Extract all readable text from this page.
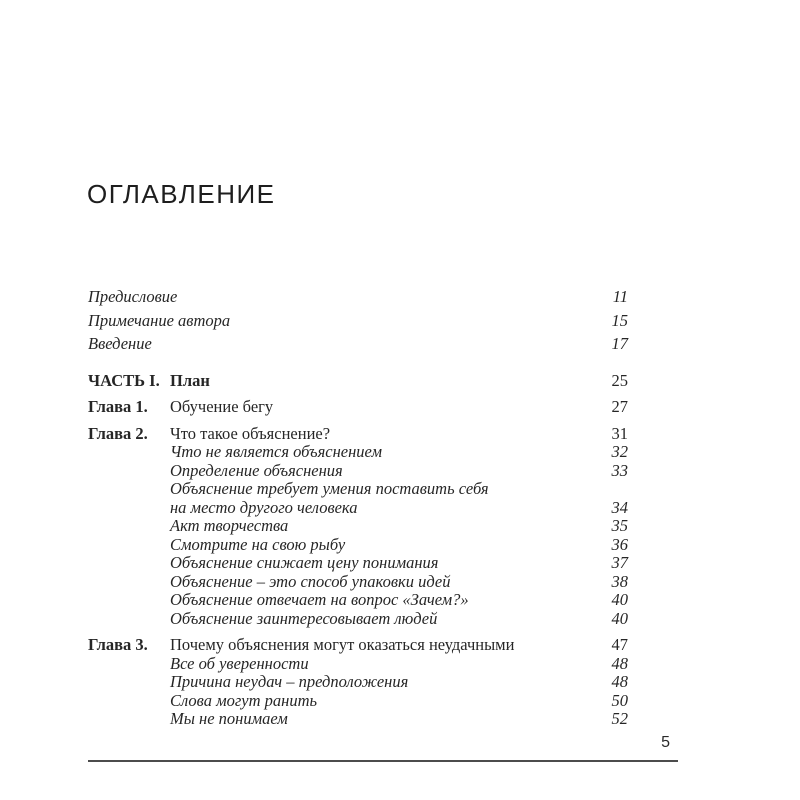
ОГЛАВЛЕНИЕ
Предисловие	11
Примечание автора	15
Введение	17
ЧАСТЬ I. План	25
Глава 1.	Обучение бегу	27
Глава 2.	Что такое объяснение?	31
Что не является объяснением	32
Определение объяснения	33
Объяснение требует умения поставить себя
на место другого человека	34
Акт творчества	35
Смотрите на свою рыбу	36
Объяснение снижает цену понимания	37
Объяснение – это способ упаковки идей	38
Объяснение отвечает на вопрос «Зачем?»	40
Объяснение заинтересовывает людей	40
Глава 3.	Почему объяснения могут оказаться неудачными	47
Все об уверенности	48
Причина неудач – предположения	48
Слова могут ранить	50
Мы не понимаем	52
5
